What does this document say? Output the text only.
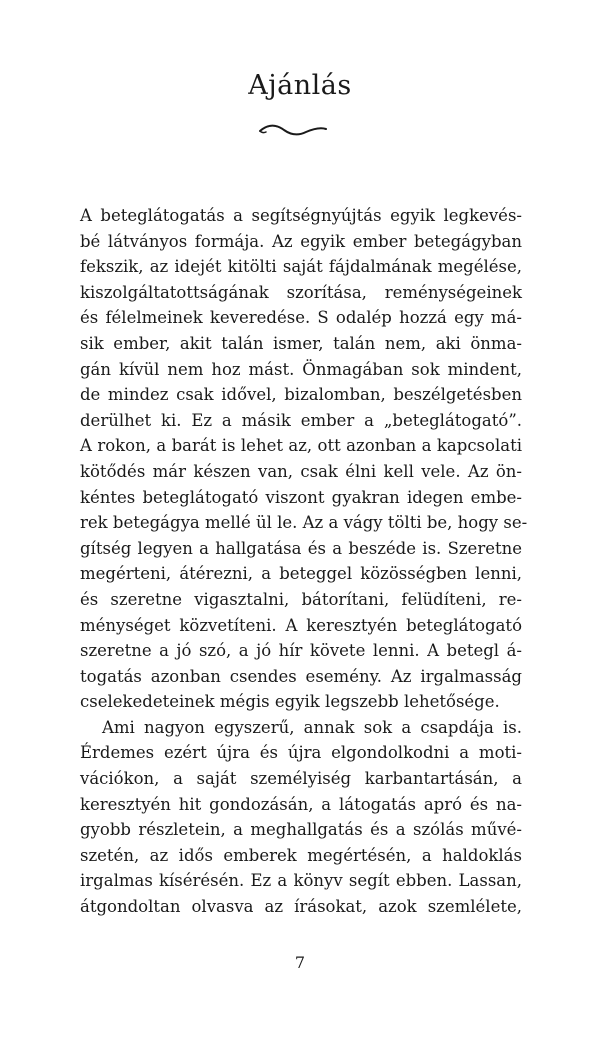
Ajánlás
A beteglátogatás a segítségnyújtás egyik legkevés-
bé látványos formája. Az egyik ember betegágyban
fekszik, az idejét kitölti saját fájdalmának megélése,
kiszolgáltatottságának szorítása, reménységeinek
és félelmeinek keveredése. S odalép hozzá egy má-
sik ember, akit talán ismer, talán nem, aki önma-
gán kívül nem hoz mást. Önmagában sok mindent,
de mindez csak idővel, bizalomban, beszélgetésben
derülhet ki. Ez a másik ember a „beteglátogató”.
A rokon, a barát is lehet az, ott azonban a kapcsolati
kötődés már készen van, csak élni kell vele. Az ön-
kéntes beteglátogató viszont gyakran idegen embe-
rek betegágya mellé ül le. Az a vágy tölti be, hogy se-
gítség legyen a hallgatása és a beszéde is. Szeretne
megérteni, átérezni, a beteggel közösségben lenni,
és szeretne vigasztalni, bátorítani, felüdíteni, re-
ménységet közvetíteni. A keresztyén beteglátogató
szeretne a jó szó, a jó hír követe lenni. A betegl á-
togatás azonban csendes esemény. Az irgalmasság
cselekedeteinek mégis egyik legszebb lehetősége.
Ami nagyon egyszerű, annak sok a csapdája is.
Érdemes ezért újra és újra elgondolkodni a moti-
vációkon, a saját személyiség karbantartásán, a
keresztyén hit gondozásán, a látogatás apró és na-
gyobb részletein, a meghallgatás és a szólás művé-
szetén, az idős emberek megértésén, a haldoklás
irgalmas kísérésén. Ez a könyv segít ebben. Lassan,
átgondoltan olvasva az írásokat, azok szemlélete,
7
